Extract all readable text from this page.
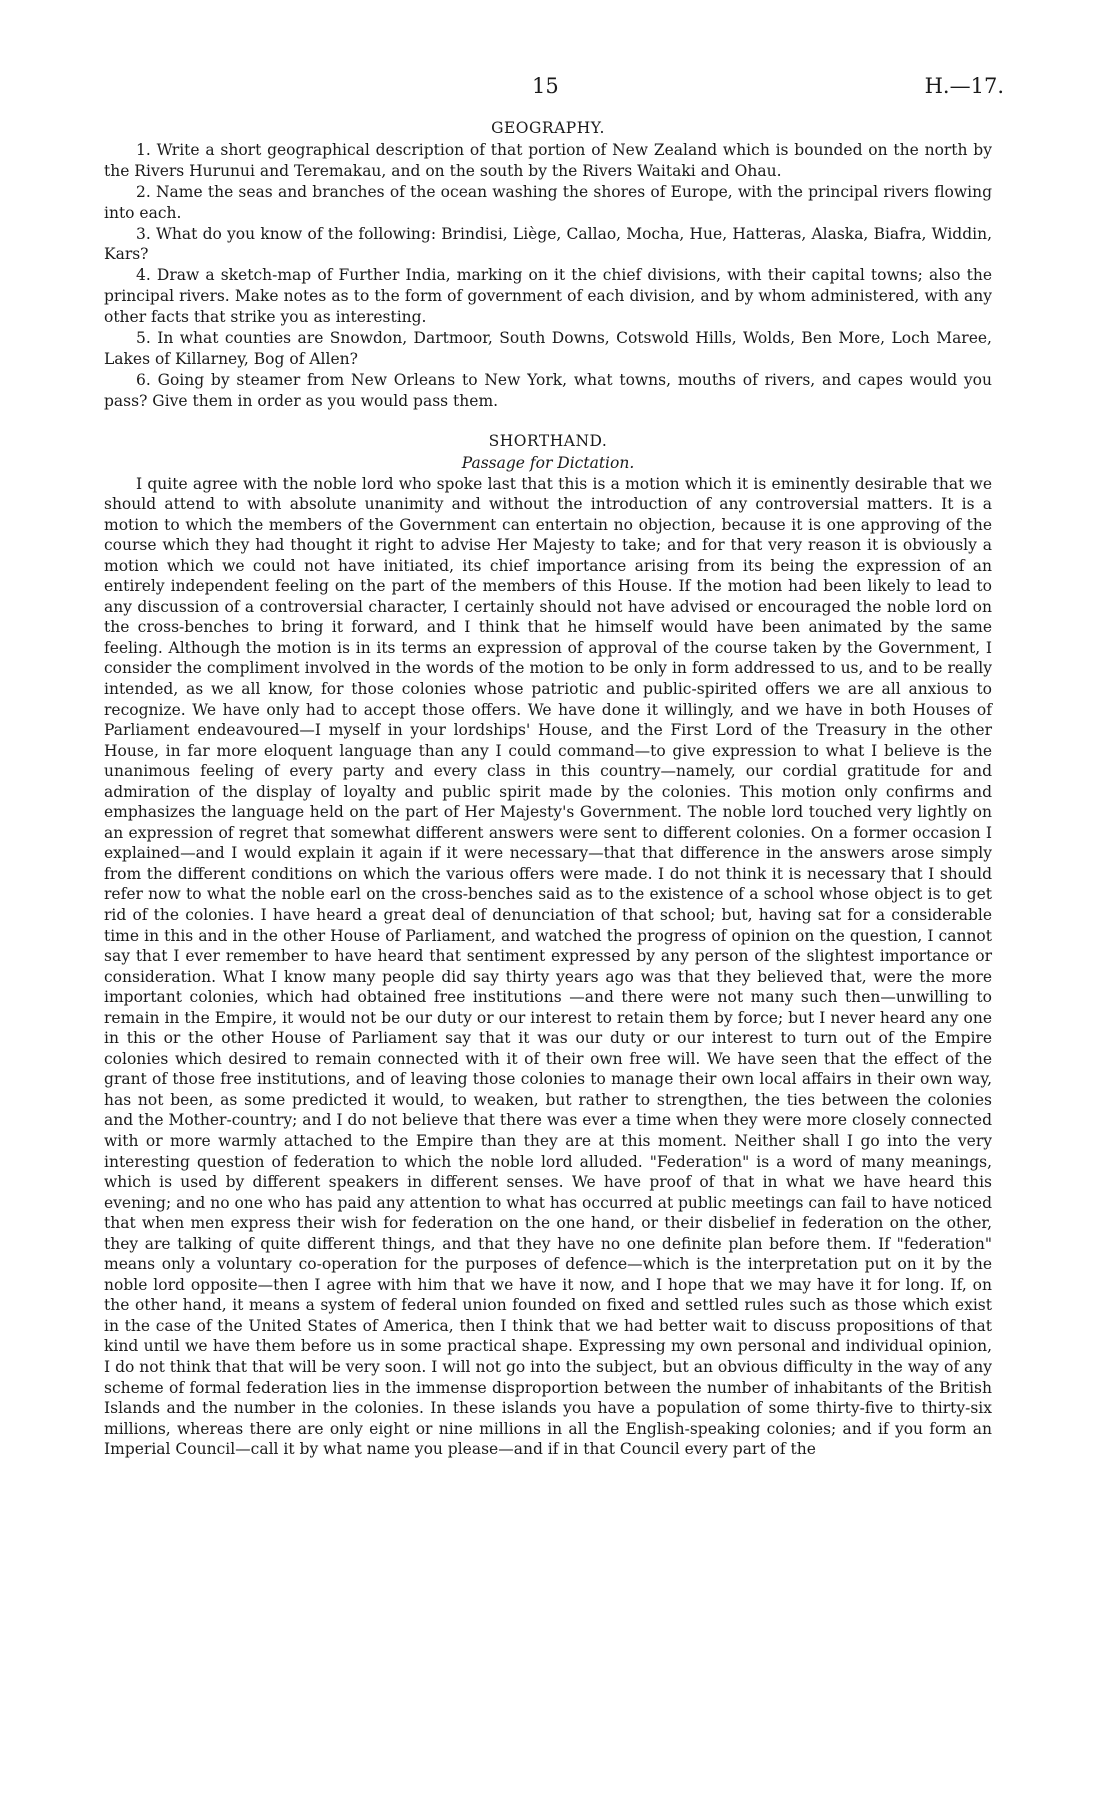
15	H.—17.
GEOGRAPHY.

1. Write a short geographical description of that portion of New Zealand which is bounded on the north by the Rivers Hurunui and Teremakau, and on the south by the Rivers Waitaki and Ohau.

2. Name the seas and branches of the ocean washing the shores of Europe, with the principal rivers flowing into each.

3. What do you know of the following: Brindisi, Liège, Callao, Mocha, Hue, Hatteras, Alaska, Biafra, Widdin, Kars?

4. Draw a sketch-map of Further India, marking on it the chief divisions, with their capital towns; also the principal rivers. Make notes as to the form of government of each division, and by whom administered, with any other facts that strike you as interesting.

5. In what counties are Snowdon, Dartmoor, South Downs, Cotswold Hills, Wolds, Ben More, Loch Maree, Lakes of Killarney, Bog of Allen?

6. Going by steamer from New Orleans to New York, what towns, mouths of rivers, and capes would you pass? Give them in order as you would pass them.

SHORTHAND.
Passage for Dictation.

I quite agree with the noble lord who spoke last that this is a motion which it is eminently desirable that we should attend to with absolute unanimity and without the introduction of any controversial matters. It is a motion to which the members of the Government can entertain no objection, because it is one approving of the course which they had thought it right to advise Her Majesty to take; and for that very reason it is obviously a motion which we could not have initiated, its chief importance arising from its being the expression of an entirely independent feeling on the part of the members of this House. If the motion had been likely to lead to any discussion of a controversial character, I certainly should not have advised or encouraged the noble lord on the cross-benches to bring it forward, and I think that he himself would have been animated by the same feeling. Although the motion is in its terms an expression of approval of the course taken by the Government, I consider the compliment involved in the words of the motion to be only in form addressed to us, and to be really intended, as we all know, for those colonies whose patriotic and public-spirited offers we are all anxious to recognize. We have only had to accept those offers. We have done it willingly, and we have in both Houses of Parliament endeavoured—I myself in your lordships' House, and the First Lord of the Treasury in the other House, in far more eloquent language than any I could command—to give expression to what I believe is the unanimous feeling of every party and every class in this country—namely, our cordial gratitude for and admiration of the display of loyalty and public spirit made by the colonies. This motion only confirms and emphasizes the language held on the part of Her Majesty's Government. The noble lord touched very lightly on an expression of regret that somewhat different answers were sent to different colonies. On a former occasion I explained—and I would explain it again if it were necessary—that that difference in the answers arose simply from the different conditions on which the various offers were made. I do not think it is necessary that I should refer now to what the noble earl on the cross-benches said as to the existence of a school whose object is to get rid of the colonies. I have heard a great deal of denunciation of that school; but, having sat for a considerable time in this and in the other House of Parliament, and watched the progress of opinion on the question, I cannot say that I ever remember to have heard that sentiment expressed by any person of the slightest importance or consideration. What I know many people did say thirty years ago was that they believed that, were the more important colonies, which had obtained free institutions —and there were not many such then—unwilling to remain in the Empire, it would not be our duty or our interest to retain them by force; but I never heard any one in this or the other House of Parliament say that it was our duty or our interest to turn out of the Empire colonies which desired to remain connected with it of their own free will. We have seen that the effect of the grant of those free institutions, and of leaving those colonies to manage their own local affairs in their own way, has not been, as some predicted it would, to weaken, but rather to strengthen, the ties between the colonies and the Mother-country; and I do not believe that there was ever a time when they were more closely connected with or more warmly attached to the Empire than they are at this moment. Neither shall I go into the very interesting question of federation to which the noble lord alluded. "Federation" is a word of many meanings, which is used by different speakers in different senses. We have proof of that in what we have heard this evening; and no one who has paid any attention to what has occurred at public meetings can fail to have noticed that when men express their wish for federation on the one hand, or their disbelief in federation on the other, they are talking of quite different things, and that they have no one definite plan before them. If "federation" means only a voluntary co-operation for the purposes of defence—which is the interpretation put on it by the noble lord opposite—then I agree with him that we have it now, and I hope that we may have it for long. If, on the other hand, it means a system of federal union founded on fixed and settled rules such as those which exist in the case of the United States of America, then I think that we had better wait to discuss propositions of that kind until we have them before us in some practical shape. Expressing my own personal and individual opinion, I do not think that that will be very soon. I will not go into the subject, but an obvious difficulty in the way of any scheme of formal federation lies in the immense disproportion between the number of inhabitants of the British Islands and the number in the colonies. In these islands you have a population of some thirty-five to thirty-six millions, whereas there are only eight or nine millions in all the English-speaking colonies; and if you form an Imperial Council—call it by what name you please—and if in that Council every part of the
